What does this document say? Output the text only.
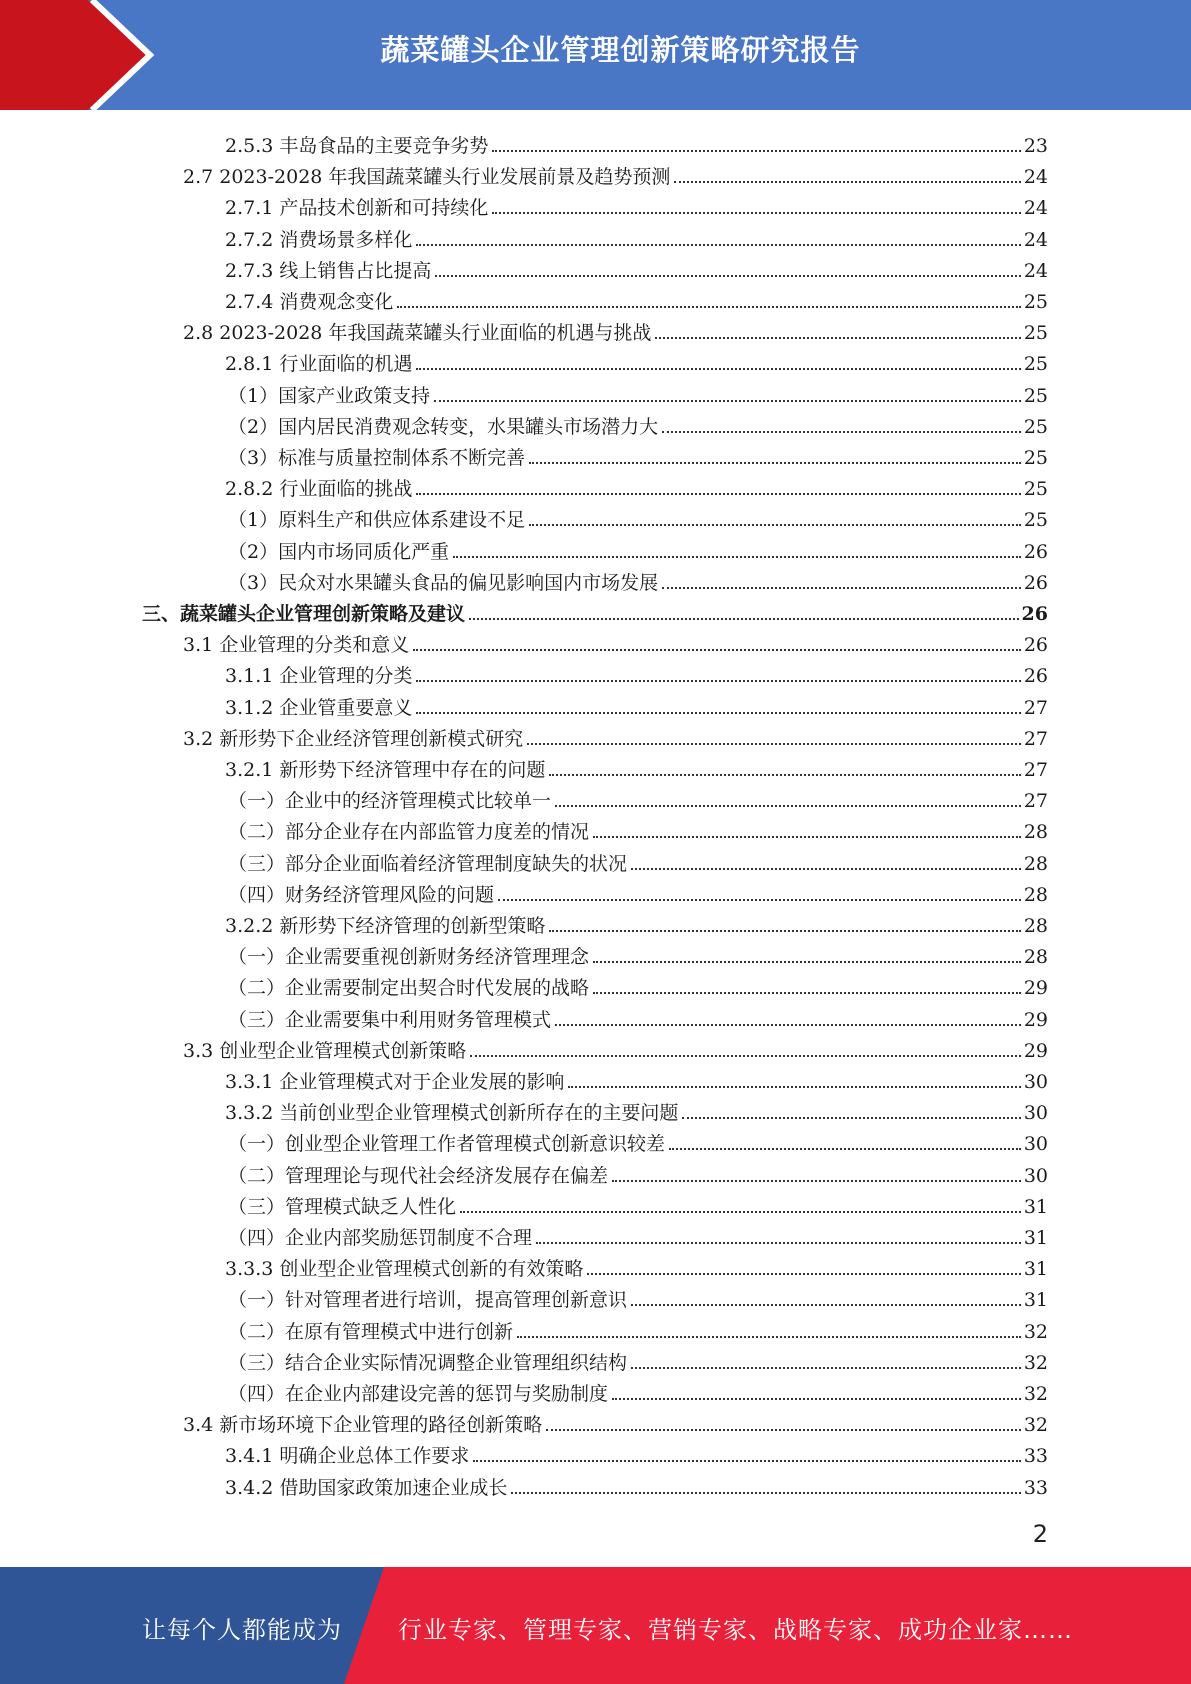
蔬菜罐头企业管理创新策略研究报告
2.5.3 丰岛食品的主要竞争劣势	23
2.7 2023-2028 年我国蔬菜罐头行业发展前景及趋势预测	24
2.7.1 产品技术创新和可持续化	24
2.7.2 消费场景多样化	24
2.7.3 线上销售占比提高	24
2.7.4 消费观念变化	25
2.8 2023-2028 年我国蔬菜罐头行业面临的机遇与挑战	25
2.8.1 行业面临的机遇	25
（1）国家产业政策支持	25
（2）国内居民消费观念转变，水果罐头市场潜力大	25
（3）标准与质量控制体系不断完善	25
2.8.2 行业面临的挑战	25
（1）原料生产和供应体系建设不足	25
（2）国内市场同质化严重	26
（3）民众对水果罐头食品的偏见影响国内市场发展	26
三、蔬菜罐头企业管理创新策略及建议	26
3.1 企业管理的分类和意义	26
3.1.1 企业管理的分类	26
3.1.2 企业管重要意义	27
3.2 新形势下企业经济管理创新模式研究	27
3.2.1 新形势下经济管理中存在的问题	27
（一）企业中的经济管理模式比较单一	27
（二）部分企业存在内部监管力度差的情况	28
（三）部分企业面临着经济管理制度缺失的状况	28
（四）财务经济管理风险的问题	28
3.2.2 新形势下经济管理的创新型策略	28
（一）企业需要重视创新财务经济管理理念	28
（二）企业需要制定出契合时代发展的战略	29
（三）企业需要集中利用财务管理模式	29
3.3 创业型企业管理模式创新策略	29
3.3.1 企业管理模式对于企业发展的影响	30
3.3.2 当前创业型企业管理模式创新所存在的主要问题	30
（一）创业型企业管理工作者管理模式创新意识较差	30
（二）管理理论与现代社会经济发展存在偏差	30
（三）管理模式缺乏人性化	31
（四）企业内部奖励惩罚制度不合理	31
3.3.3 创业型企业管理模式创新的有效策略	31
（一）针对管理者进行培训，提高管理创新意识	31
（二）在原有管理模式中进行创新	32
（三）结合企业实际情况调整企业管理组织结构	32
（四）在企业内部建设完善的惩罚与奖励制度	32
3.4 新市场环境下企业管理的路径创新策略	32
3.4.1 明确企业总体工作要求	33
3.4.2 借助国家政策加速企业成长	33
2
让每个人都能成为 行业专家、管理专家、营销专家、战略专家、成功企业家……
